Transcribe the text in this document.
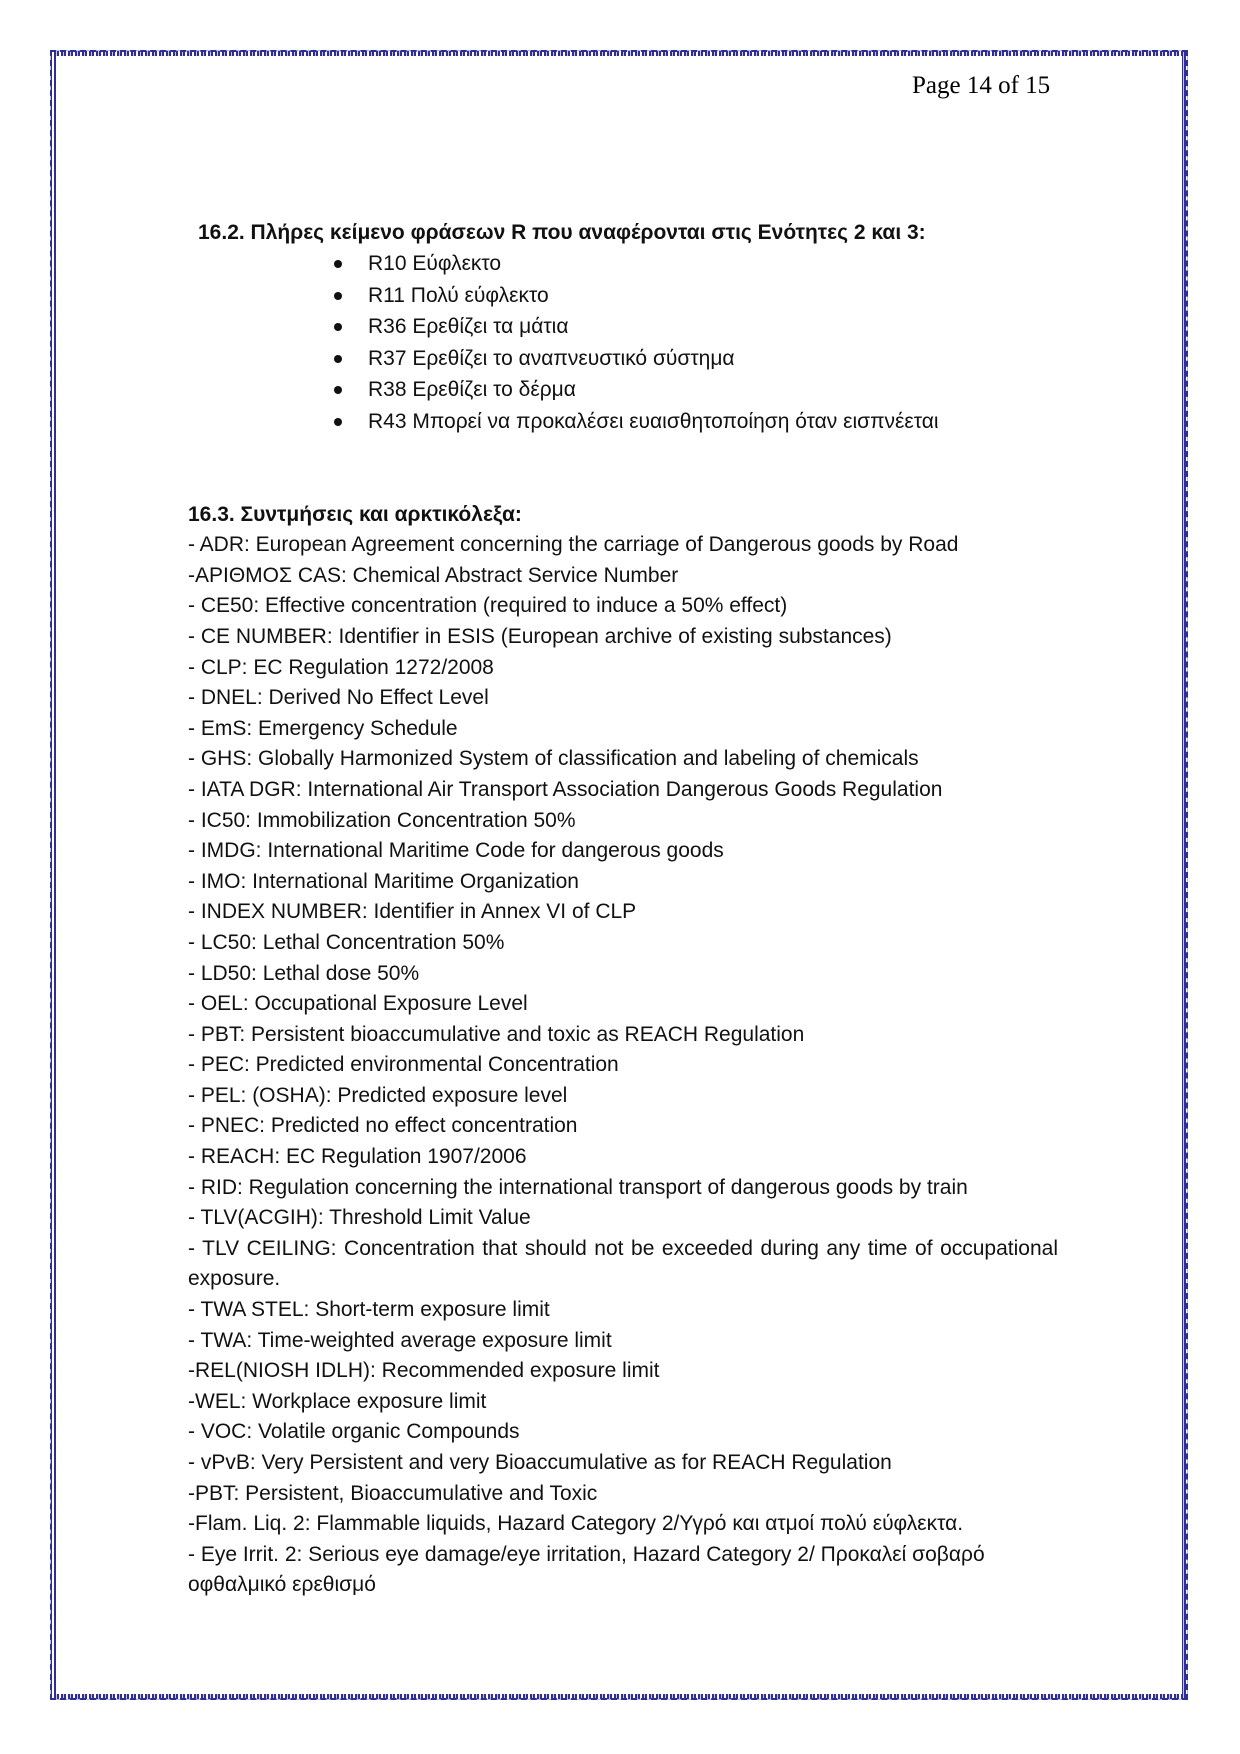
Page 14 of 15

16.2. Πλήρες κείμενο φράσεων R που αναφέρονται στις Ενότητες 2 και 3:

R10 Εύφλεκτο
R11 Πολύ εύφλεκτο
R36 Ερεθίζει τα μάτια
R37 Ερεθίζει το αναπνευστικό σύστημα
R38 Ερεθίζει το δέρμα
R43 Μπορεί να προκαλέσει ευαισθητοποίηση όταν εισπνέεται

16.3. Συντμήσεις και αρκτικόλεξα:

- ADR: European Agreement concerning the carriage of Dangerous goods by Road
-ΑΡΙΘΜΟΣ CAS: Chemical Abstract Service Number
- CE50: Effective concentration (required to induce a 50% effect)
- CE NUMBER: Identifier in ESIS (European archive of existing substances)
- CLP: EC Regulation 1272/2008
- DNEL: Derived No Effect Level
- EmS: Emergency Schedule
- GHS: Globally Harmonized System of classification and labeling of chemicals
- IATA DGR: International Air Transport Association Dangerous Goods Regulation
- IC50: Immobilization Concentration 50%
- IMDG: International Maritime Code for dangerous goods
- IMO: International Maritime Organization
- INDEX NUMBER: Identifier in Annex VI of CLP
- LC50: Lethal Concentration 50%
- LD50: Lethal dose 50%
- OEL: Occupational Exposure Level
- PBT: Persistent bioaccumulative and toxic as REACH Regulation
- PEC: Predicted environmental Concentration
- PEL: (OSHA): Predicted exposure level
- PNEC: Predicted no effect concentration
- REACH: EC Regulation 1907/2006
- RID: Regulation concerning the international transport of dangerous goods by train
- TLV(ACGIH): Threshold Limit Value
- TLV CEILING: Concentration that should not be exceeded during any time of occupational exposure.
- TWA STEL: Short-term exposure limit
- TWA: Time-weighted average exposure limit
-REL(NIOSH IDLH): Recommended exposure limit
-WEL: Workplace exposure limit
- VOC: Volatile organic Compounds
- vPvB: Very Persistent and very Bioaccumulative as for REACH Regulation
-PBT: Persistent, Bioaccumulative and Toxic
-Flam. Liq. 2: Flammable liquids, Hazard Category 2/Υγρό και ατμοί πολύ εύφλεκτα.
- Eye Irrit. 2: Serious eye damage/eye irritation, Hazard Category 2/ Προκαλεί σοβαρό οφθαλμικό ερεθισμό
